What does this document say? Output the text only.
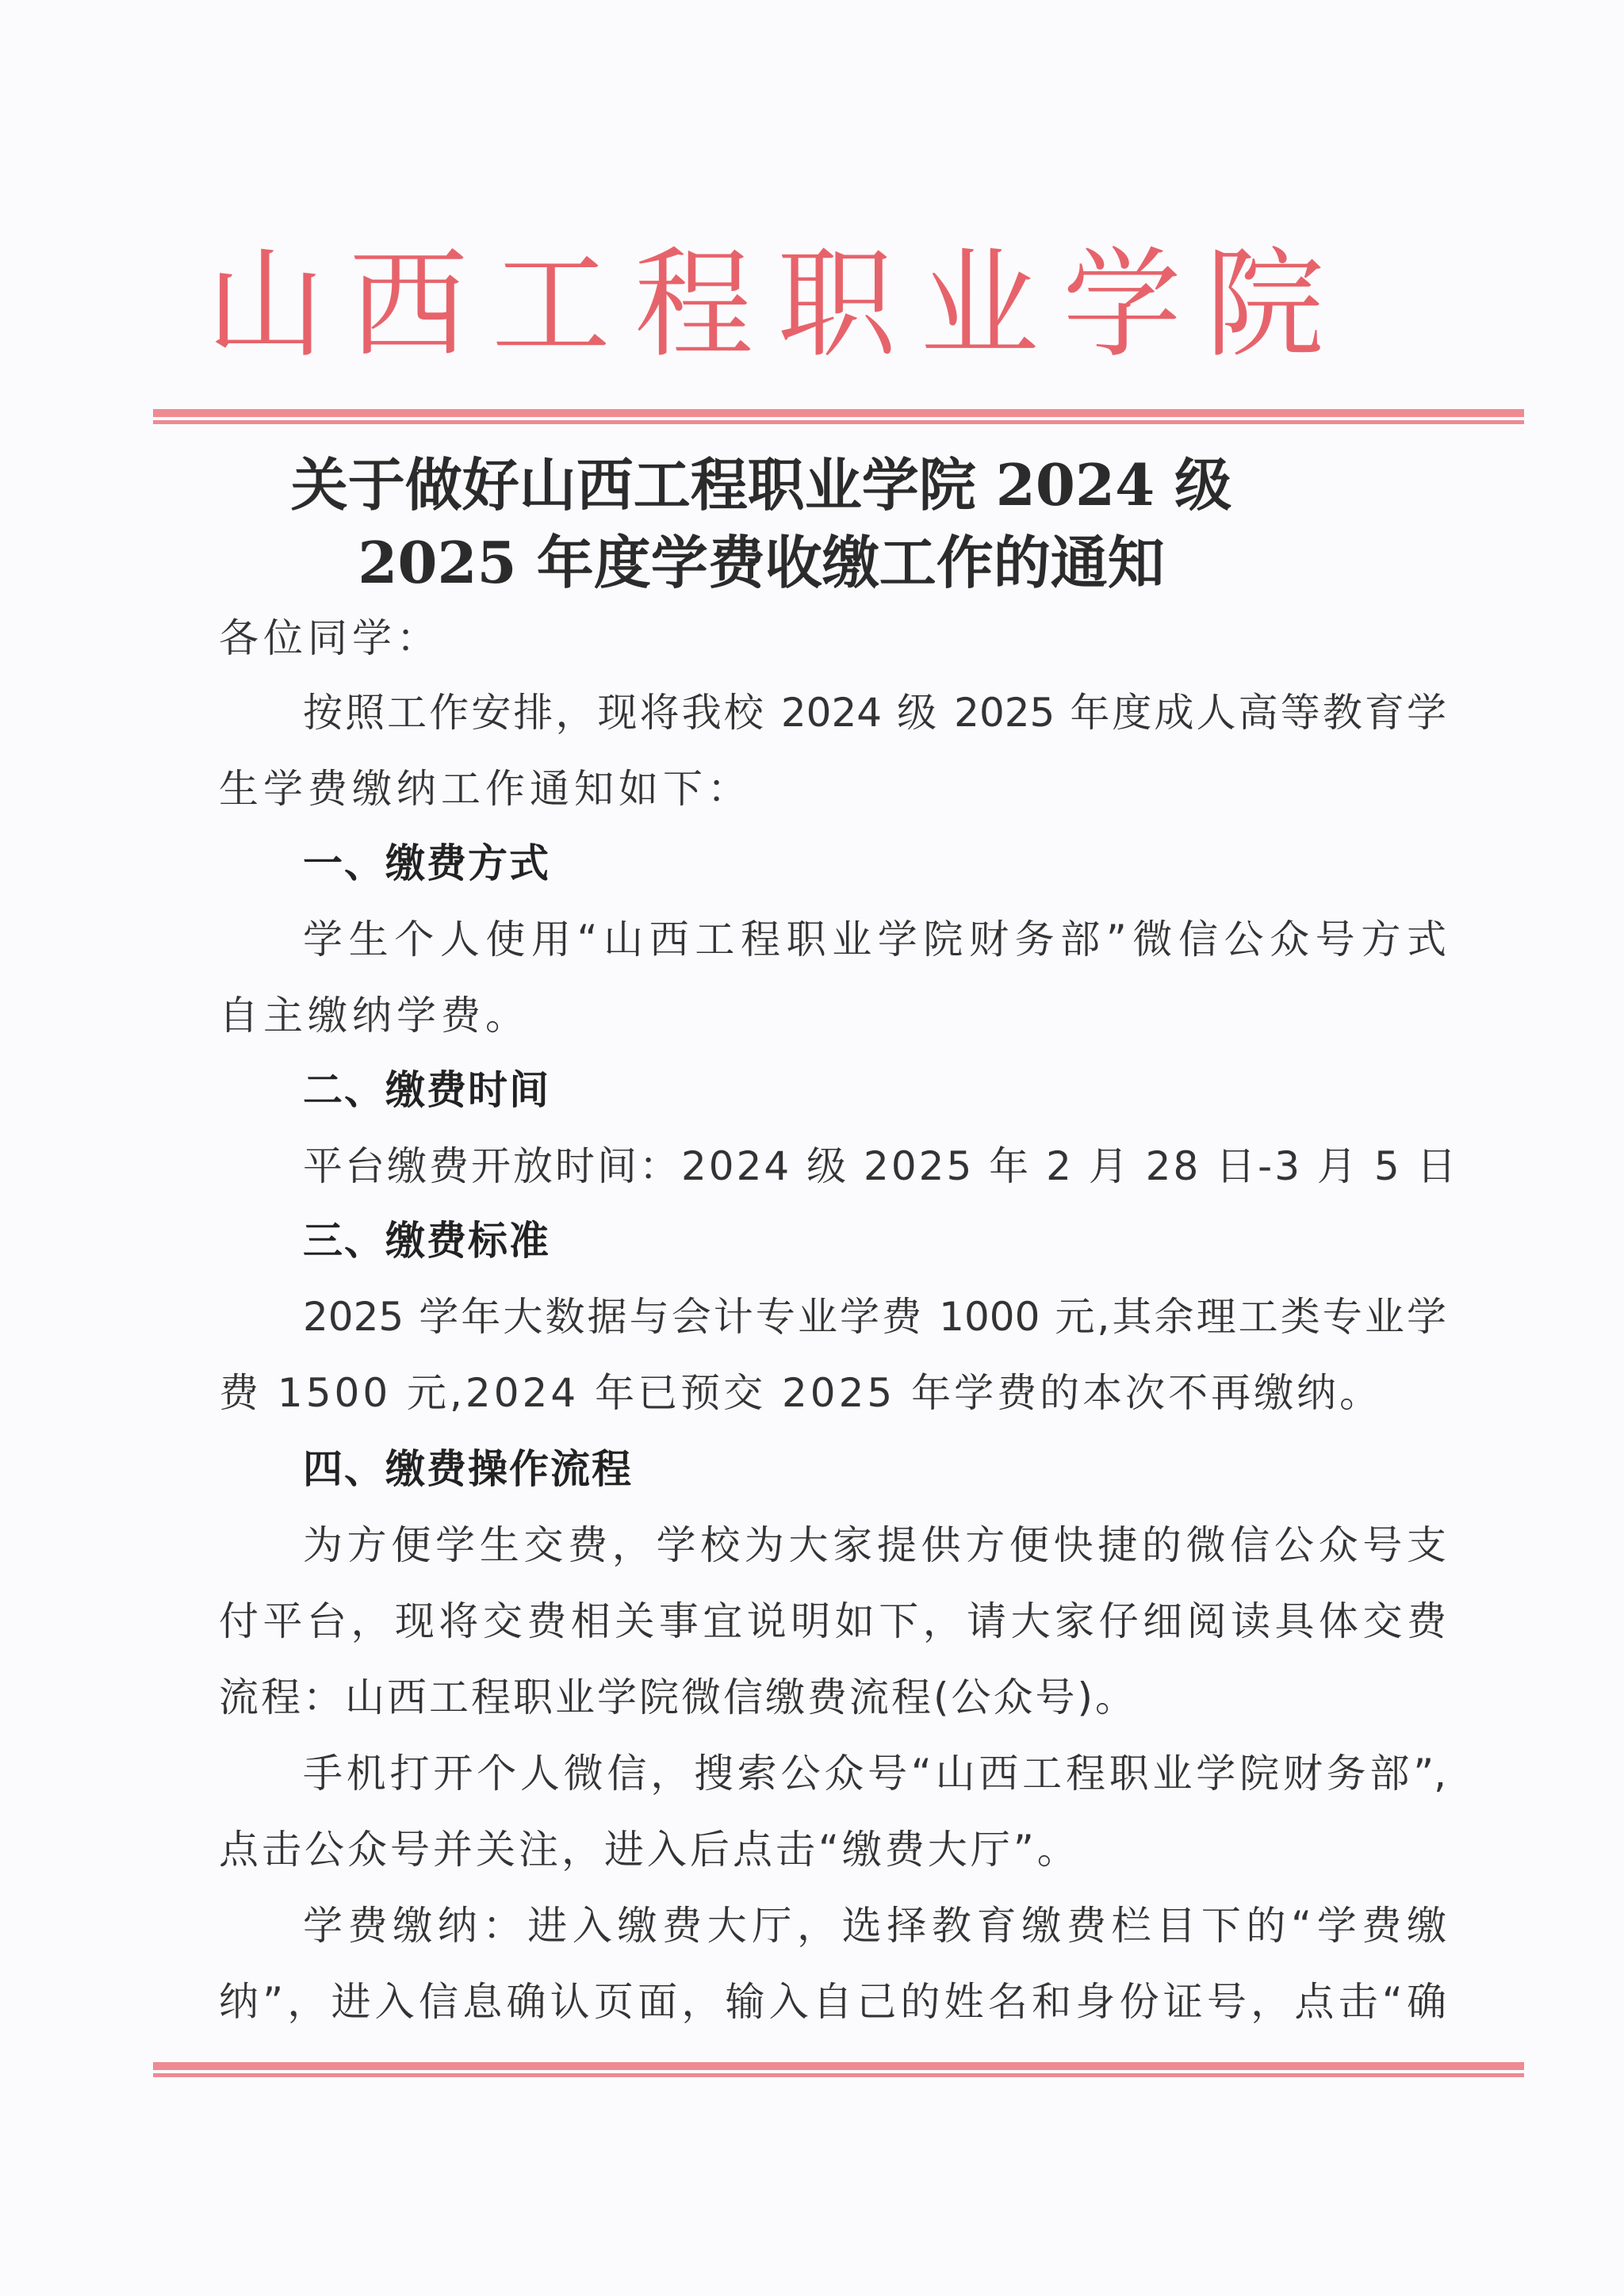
山西工程职业学院
关于做好山西工程职业学院 2024 级
2025 年度学费收缴工作的通知
各位同学：
按照工作安排，现将我校 2024 级 2025 年度成人高等教育学
生学费缴纳工作通知如下：
一、缴费方式
学生个人使用“山西工程职业学院财务部”微信公众号方式
自主缴纳学费。
二、缴费时间
平台缴费开放时间：2024 级 2025 年 2 月 28 日-3 月 5 日
三、缴费标准
2025 学年大数据与会计专业学费 1000 元,其余理工类专业学
费 1500 元,2024 年已预交 2025 年学费的本次不再缴纳。
四、缴费操作流程
为方便学生交费，学校为大家提供方便快捷的微信公众号支
付平台，现将交费相关事宜说明如下，请大家仔细阅读具体交费
流程：山西工程职业学院微信缴费流程(公众号)。
手机打开个人微信，搜索公众号“山西工程职业学院财务部”,
点击公众号并关注，进入后点击“缴费大厅”。
学费缴纳：进入缴费大厅，选择教育缴费栏目下的“学费缴
纳”，进入信息确认页面，输入自己的姓名和身份证号，点击“确
